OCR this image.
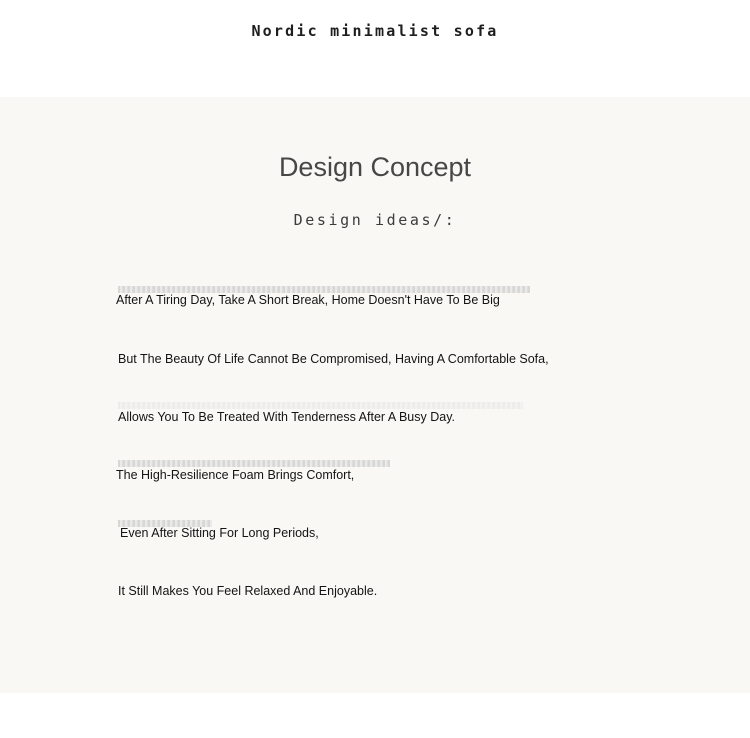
Nordic minimalist sofa
Design Concept
Design ideas/:
After A Tiring Day, Take A Short Break, Home Doesn't Have To Be Big
But The Beauty Of Life Cannot Be Compromised, Having A Comfortable Sofa,
Allows You To Be Treated With Tenderness After A Busy Day.
The High-Resilience Foam Brings Comfort,
Even After Sitting For Long Periods,
It Still Makes You Feel Relaxed And Enjoyable.
